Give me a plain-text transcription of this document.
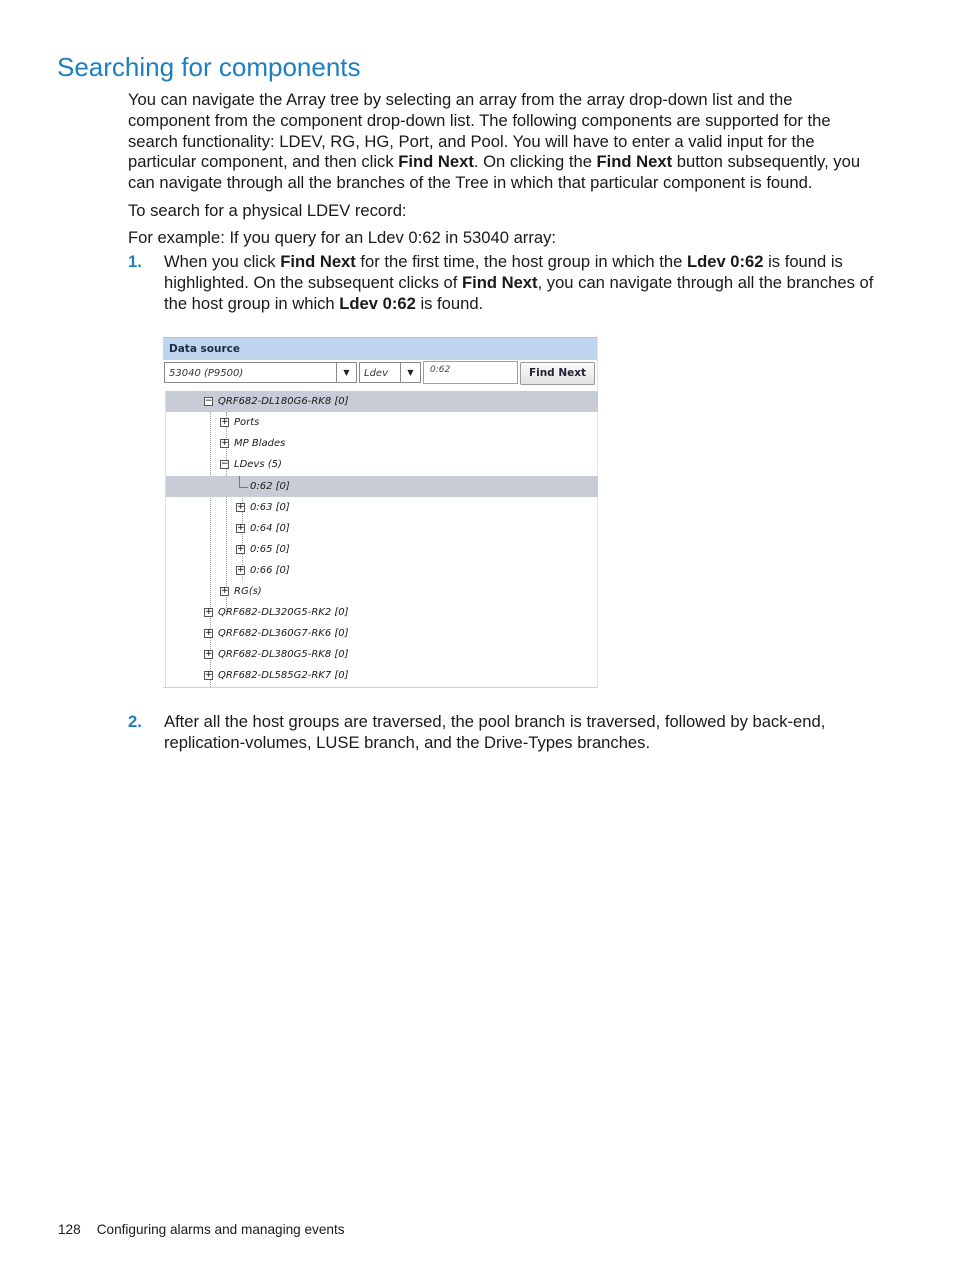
Searching for components

You can navigate the Array tree by selecting an array from the array drop-down list and the component from the component drop-down list. The following components are supported for the search functionality: LDEV, RG, HG, Port, and Pool. You will have to enter a valid input for the particular component, and then click Find Next. On clicking the Find Next button subsequently, you can navigate through all the branches of the Tree in which that particular component is found.

To search for a physical LDEV record:

For example: If you query for an Ldev 0:62 in 53040 array:

1. When you click Find Next for the first time, the host group in which the Ldev 0:62 is found is highlighted. On the subsequent clicks of Find Next, you can navigate through all the branches of the host group in which Ldev 0:62 is found.

Data source
53040 (P9500)	▼	Ldev	▼	0:62	Find Next
− QRF682-DL180G6-RK8 [0]
+ Ports
+ MP Blades
− LDevs (5)
0:62 [0]
+ 0:63 [0]
+ 0:64 [0]
+ 0:65 [0]
+ 0:66 [0]
+ RG(s)
+ QRF682-DL320G5-RK2 [0]
+ QRF682-DL360G7-RK6 [0]
+ QRF682-DL380G5-RK8 [0]
+ QRF682-DL585G2-RK7 [0]
2. After all the host groups are traversed, the pool branch is traversed, followed by back-end, replication-volumes, LUSE branch, and the Drive-Types branches.

128 Configuring alarms and managing events
